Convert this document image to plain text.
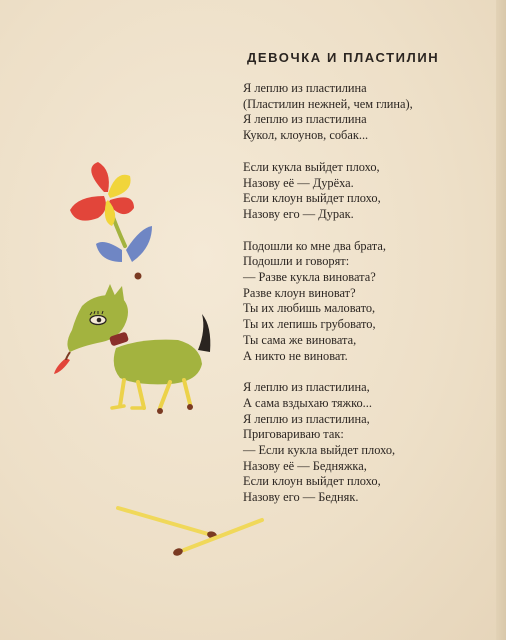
ДЕВОЧКА И ПЛАСТИЛИН
Я леплю из пластилина
(Пластилин нежней, чем глина),
Я леплю из пластилина
Кукол, клоунов, собак...
Если кукла выйдет плохо,
Назову её — Дурёха.
Если клоун выйдет плохо,
Назову его — Дурак.
Подошли ко мне два брата,
Подошли и говорят:
— Разве кукла виновата?
Разве клоун виноват?
Ты их любишь маловато,
Ты их лепишь грубовато,
Ты сама же виновата,
А никто не виноват.
Я леплю из пластилина,
А сама вздыхаю тяжко...
Я леплю из пластилина,
Приговариваю так:
— Если кукла выйдет плохо,
Назову её — Бедняжка,
Если клоун выйдет плохо,
Назову его — Бедняк.
